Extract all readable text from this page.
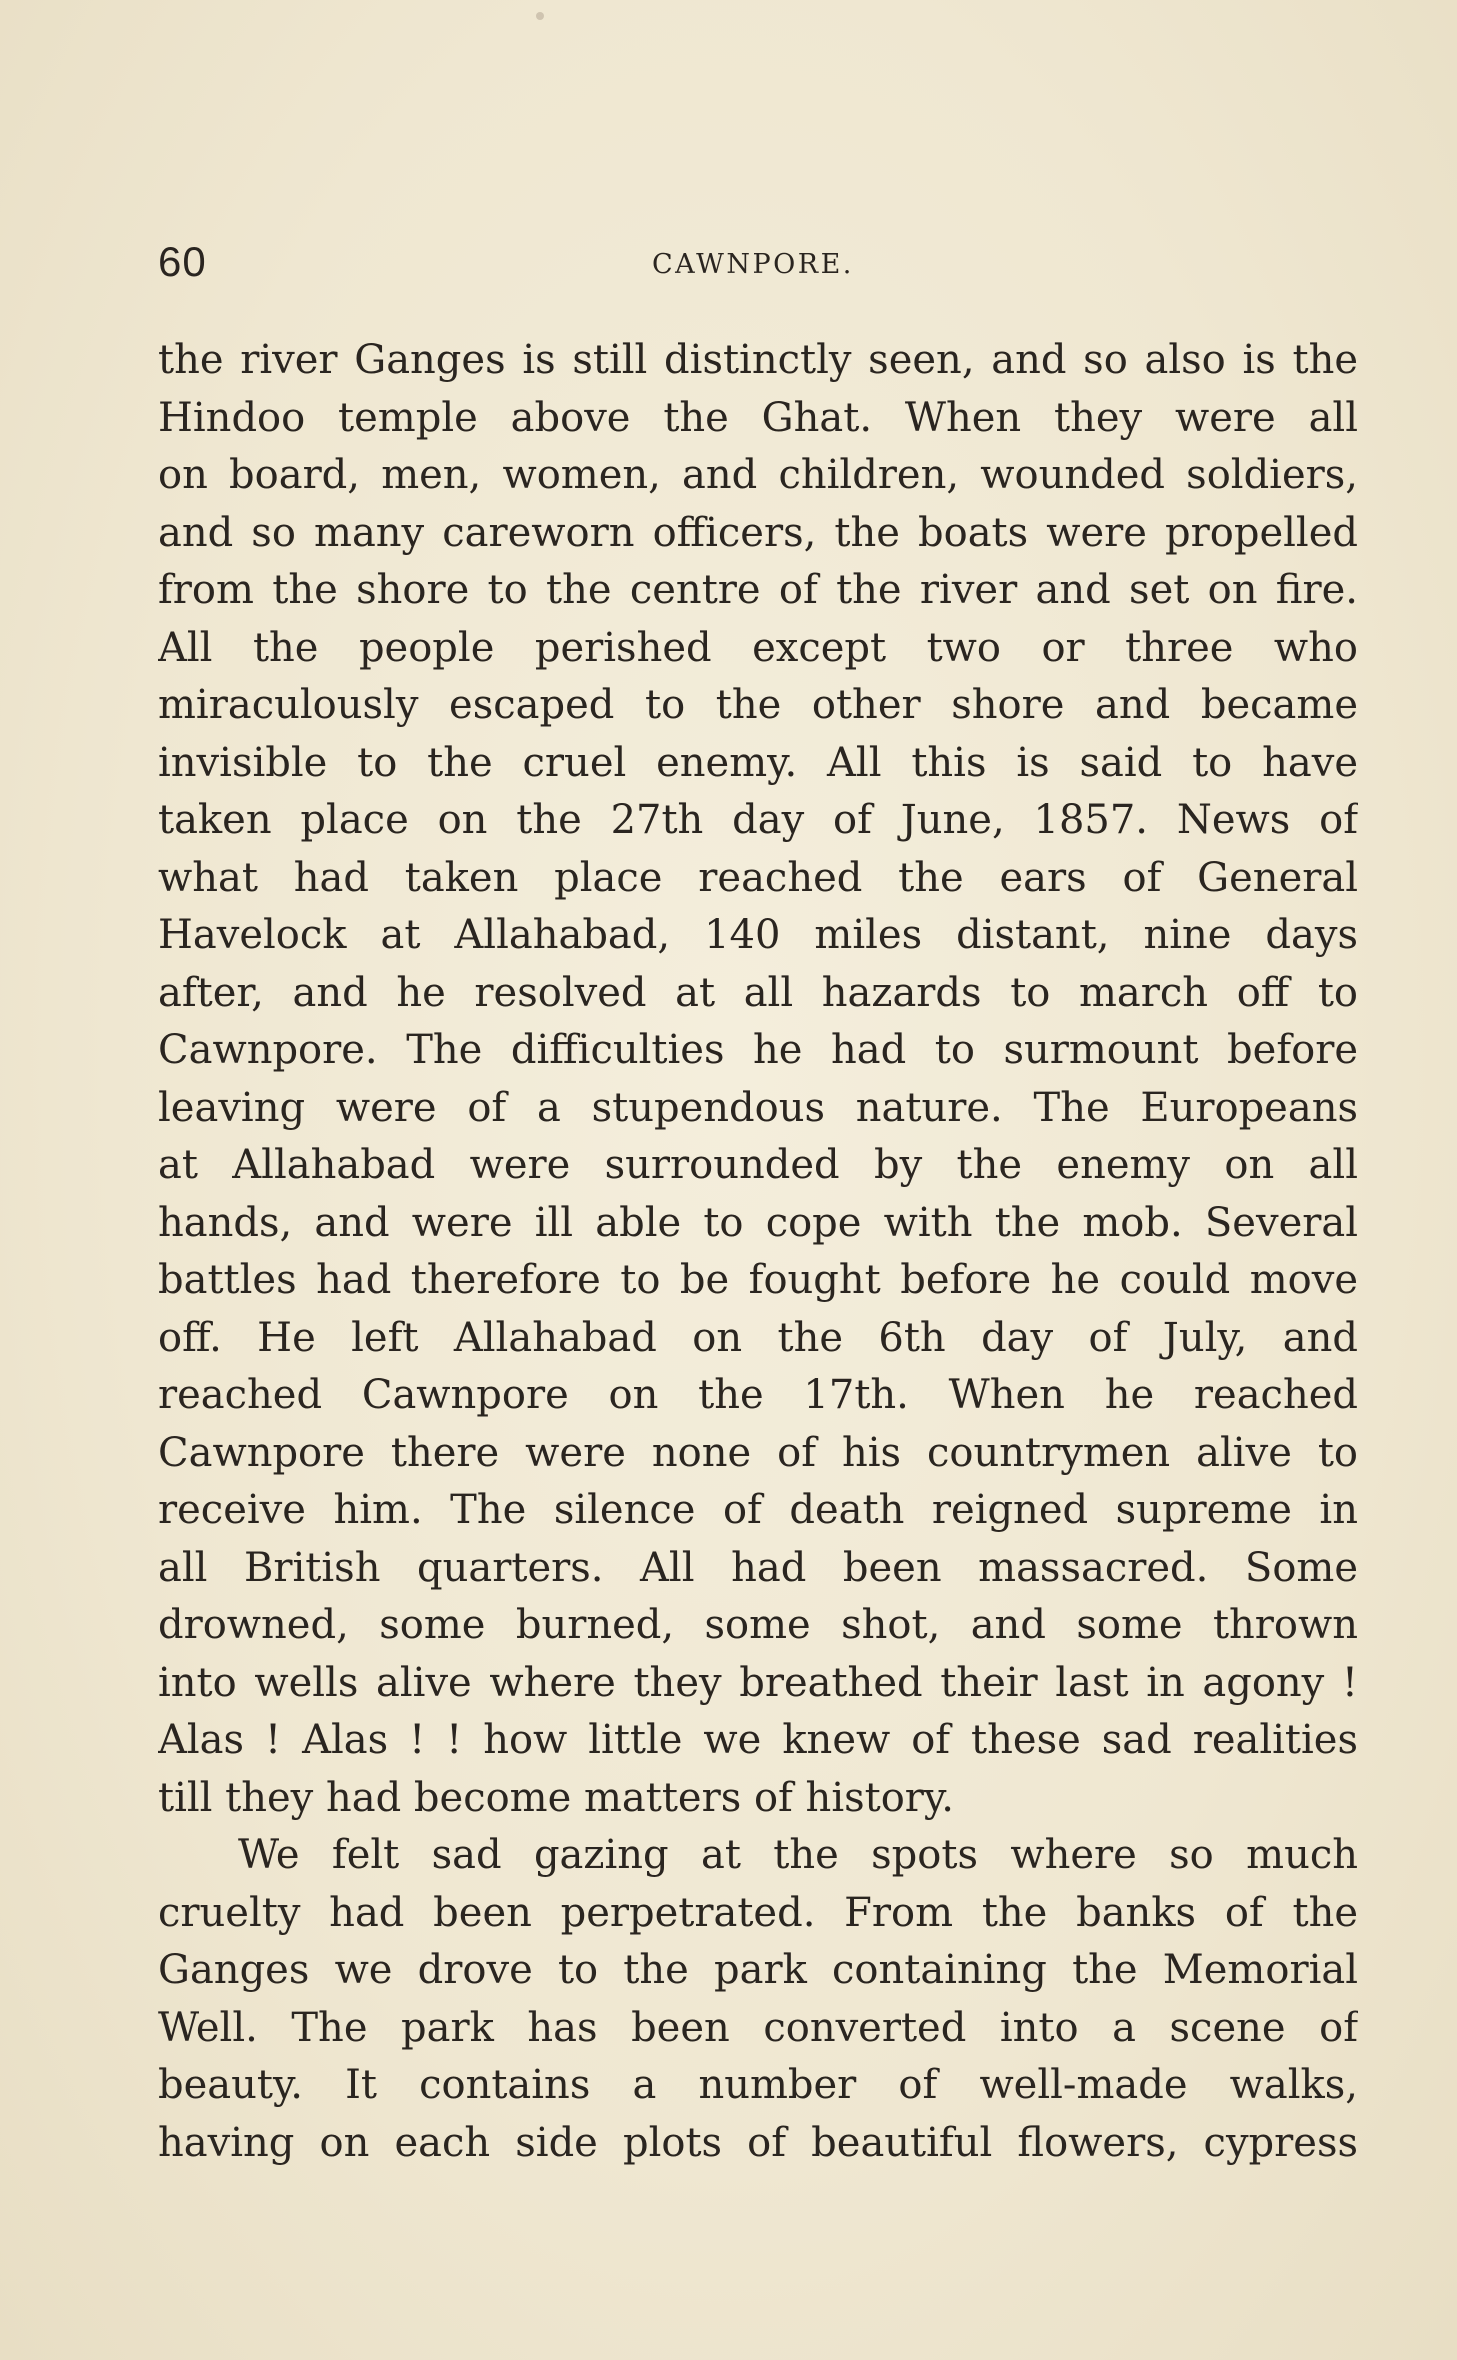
60	CAWNPORE.
the river Ganges is still distinctly seen, and so also is the
Hindoo temple above the Ghat. When they were all
on board, men, women, and children, wounded soldiers,
and so many careworn officers, the boats were propelled
from the shore to the centre of the river and set on fire.
All the people perished except two or three who
miraculously escaped to the other shore and became
invisible to the cruel enemy. All this is said to have
taken place on the 27th day of June, 1857. News of
what had taken place reached the ears of General
Havelock at Allahabad, 140 miles distant, nine days
after, and he resolved at all hazards to march off to
Cawnpore. The difficulties he had to surmount before
leaving were of a stupendous nature. The Europeans
at Allahabad were surrounded by the enemy on all
hands, and were ill able to cope with the mob. Several
battles had therefore to be fought before he could move
off. He left Allahabad on the 6th day of July, and
reached Cawnpore on the 17th. When he reached
Cawnpore there were none of his countrymen alive to
receive him. The silence of death reigned supreme in
all British quarters. All had been massacred. Some
drowned, some burned, some shot, and some thrown
into wells alive where they breathed their last in agony !
Alas ! Alas ! ! how little we knew of these sad realities
till they had become matters of history.
We felt sad gazing at the spots where so much
cruelty had been perpetrated. From the banks of the
Ganges we drove to the park containing the Memorial
Well. The park has been converted into a scene of
beauty. It contains a number of well-made walks,
having on each side plots of beautiful flowers, cypress
